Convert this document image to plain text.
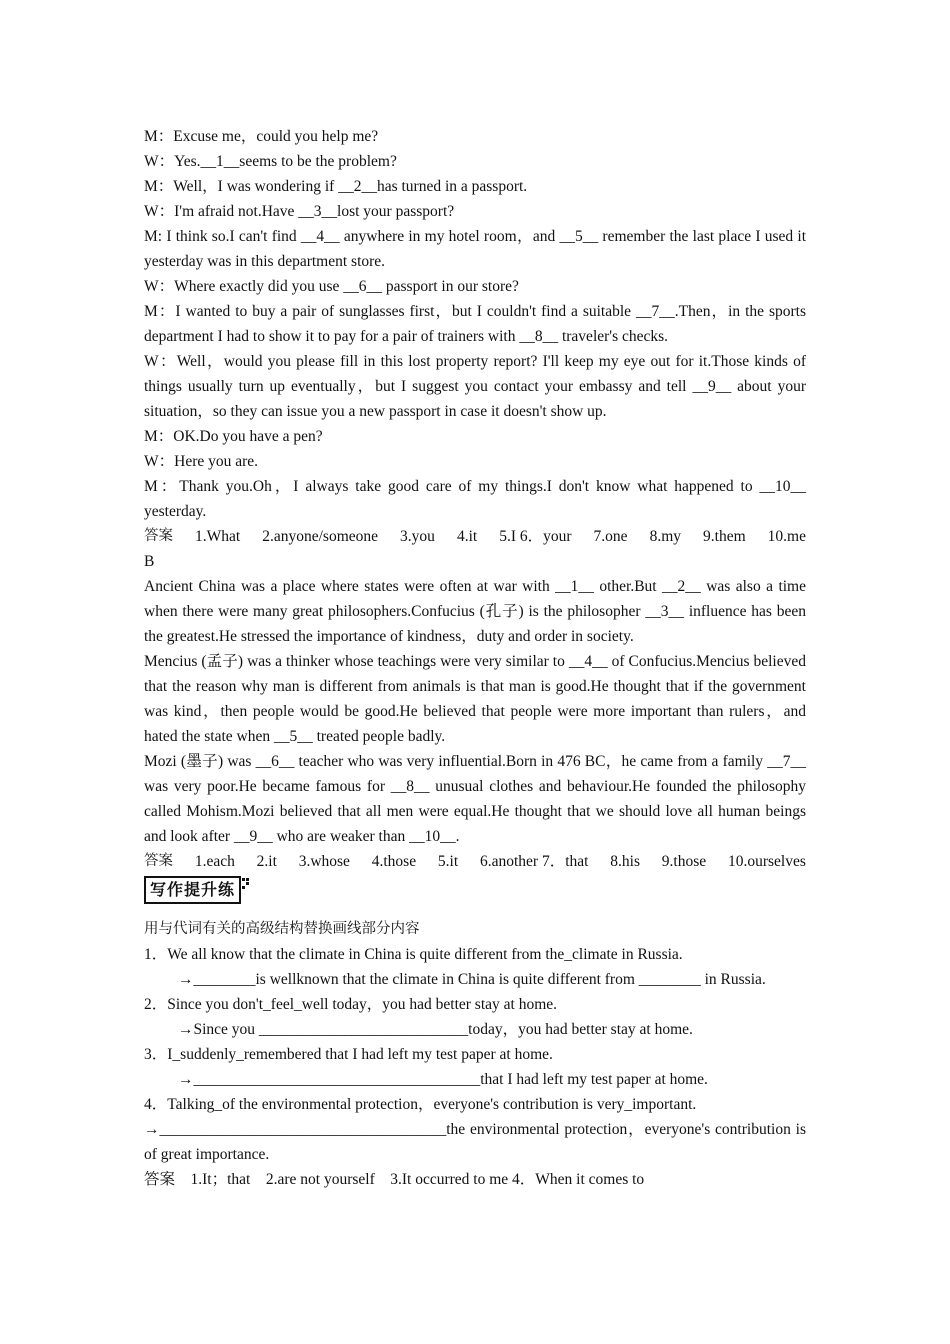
M：Excuse me，could you help me?
W：Yes.__1__seems to be the problem?
M：Well，I was wondering if __2__has turned in a passport.
W：I'm afraid not.Have __3__lost your passport?
M: I think so.I can't find __4__ anywhere in my hotel room，and __5__ remember the last place I used it yesterday was in this department store.
W：Where exactly did you use __6__ passport in our store?
M：I wanted to buy a pair of sunglasses first，but I couldn't find a suitable __7__.Then，in the sports department I had to show it to pay for a pair of trainers with __8__ traveler's checks.
W：Well，would you please fill in this lost property report? I'll keep my eye out for it.Those kinds of things usually turn up eventually，but I suggest you contact your embassy and tell __9__ about your situation，so they can issue you a new passport in case it doesn't show up.
M：OK.Do you have a pen?
W：Here you are.
M：Thank you.Oh，I always take good care of my things.I don't know what happened to __10__ yesterday.
答案 1.What 2.anyone/someone 3.you 4.it 5.I 6．your 7.one 8.my 9.them 10.me
B
Ancient China was a place where states were often at war with __1__ other.But __2__ was also a time when there were many great philosophers.Confucius (孔子) is the philosopher __3__ influence has been the greatest.He stressed the importance of kindness，duty and order in society.
Mencius (孟子) was a thinker whose teachings were very similar to __4__ of Confucius.Mencius believed that the reason why man is different from animals is that man is good.He thought that if the government was kind，then people would be good.He believed that people were more important than rulers，and hated the state when __5__ treated people badly.
Mozi (墨子) was __6__ teacher who was very influential.Born in 476 BC，he came from a family __7__ was very poor.He became famous for __8__ unusual clothes and behaviour.He founded the philosophy called Mohism.Mozi believed that all men were equal.He thought that we should love all human beings and look after __9__ who are weaker than __10__.
答案 1.each 2.it 3.whose 4.those 5.it 6.another 7．that 8.his 9.those 10.ourselves
写作提升练
用与代词有关的高级结构替换画线部分内容
1．We all know that the climate in China is quite different from the_climate in Russia.
→________is wellknown that the climate in China is quite different from ________ in Russia.
2．Since you don't_feel_well today，you had better stay at home.
→Since you ___________________________today，you had better stay at home.
3．I_suddenly_remembered that I had left my test paper at home.
→_____________________________________that I had left my test paper at home.
4．Talking_of the environmental protection，everyone's contribution is very_important.
→_____________________________________the environmental protection，everyone's contribution is of great importance.
答案　1.It；that　2.are not yourself　3.It occurred to me 4．When it comes to
